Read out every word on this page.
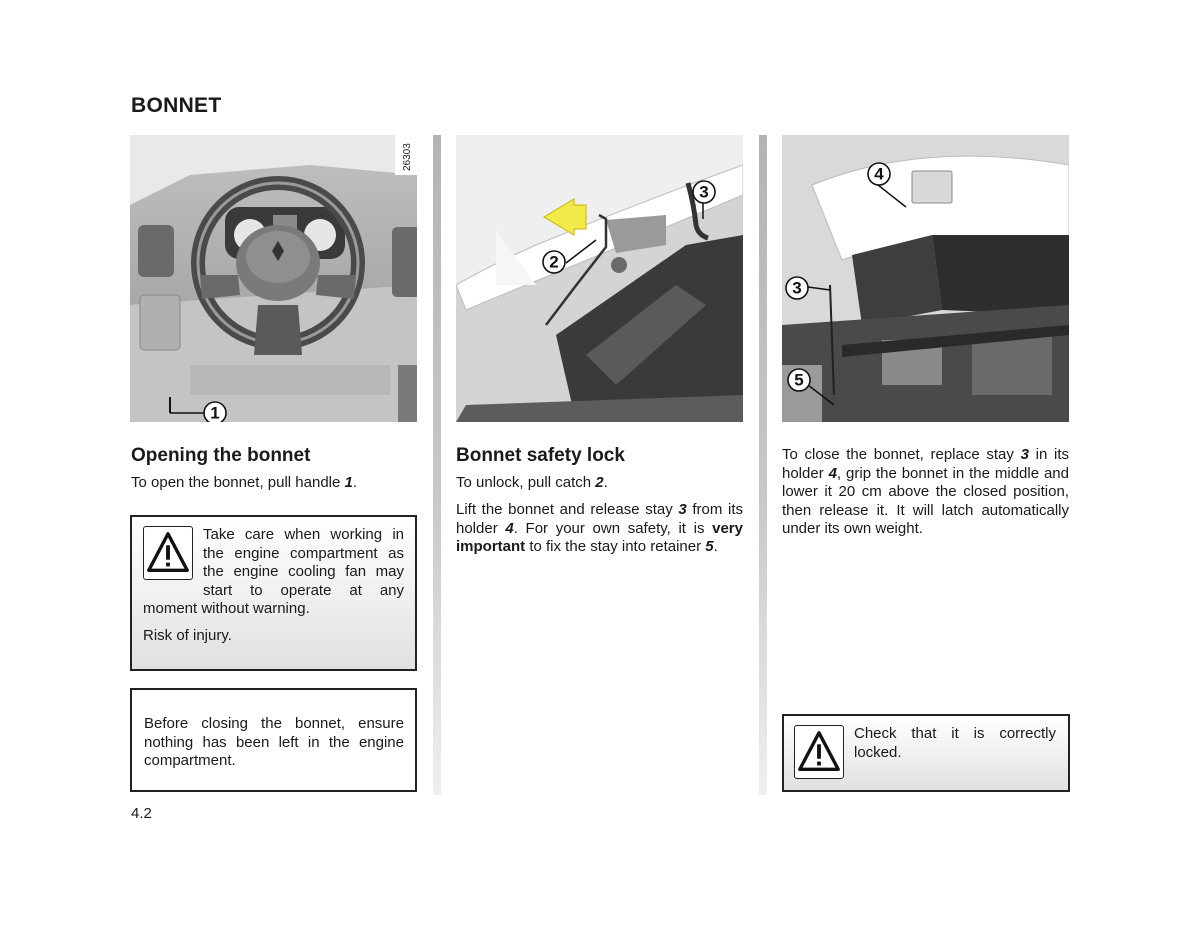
BONNET
1
26303
Opening the bonnet

To open the bonnet, pull handle 1.

Take care when working in the engine compartment as the engine cooling fan may start to operate at any moment without warning.

Risk of injury.

Before closing the bonnet, ensure nothing has been left in the engine compartment.

4.2
2
3
Bonnet safety lock

To unlock, pull catch 2.

Lift the bonnet and release stay 3 from its holder 4. For your own safety, it is very important to fix the stay into retainer 5.

4
3
5

To close the bonnet, replace stay 3 in its holder 4, grip the bonnet in the middle and lower it 20 cm above the closed position, then release it. It will latch automatically under its own weight.

Check that it is correctly locked.
